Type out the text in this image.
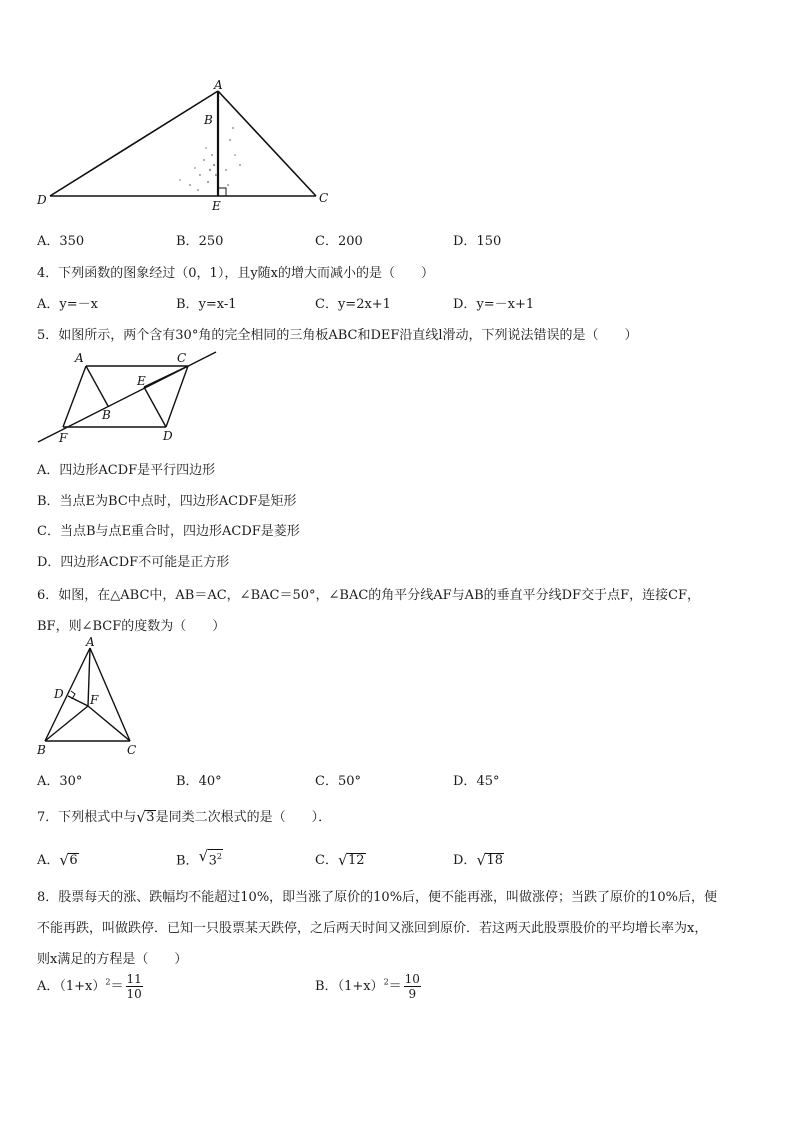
A
B
C
D	E
A．350	B．250	C．200	D．150
4．下列函数的图象经过（0，1），且y随x的增大而减小的是（　　）
A．y=－x	B．y=x-1	C．y=2x+1	D．y=－x+1
5．如图所示，两个含有30°角的完全相同的三角板ABC和DEF沿直线l滑动，下列说法错误的是（　　）
A	C
E
B
F	D
A．四边形ACDF是平行四边形
B．当点E为BC中点时，四边形ACDF是矩形
C．当点B与点E重合时，四边形ACDF是菱形
D．四边形ACDF不可能是正方形
6．如图，在△ABC中，AB＝AC，∠BAC＝50°，∠BAC的角平分线AF与AB的垂直平分线DF交于点F，连接CF，
BF，则∠BCF的度数为（　　）
A
D F
B	C
A．30°	B．40°	C．50°	D．45°
7．下列根式中与 √ 3是同类二次根式的是（　　）．
A． √ 6	B． √ $3^2$	C． √ 12	D． √ 18
8．股票每天的涨、跌幅均不能超过10%，即当涨了原价的10%后，便不能再涨，叫做涨停；当跌了原价的10%后，便
不能再跌，叫做跌停．已知一只股票某天跌停，之后两天时间又涨回到原价．若这两天此股票股价的平均增长率为x，
则x满足的方程是（　　）
A．$(1+x)^2= \frac{11}{10}$	B．$(1+x)^2= \frac{10}{9}$
